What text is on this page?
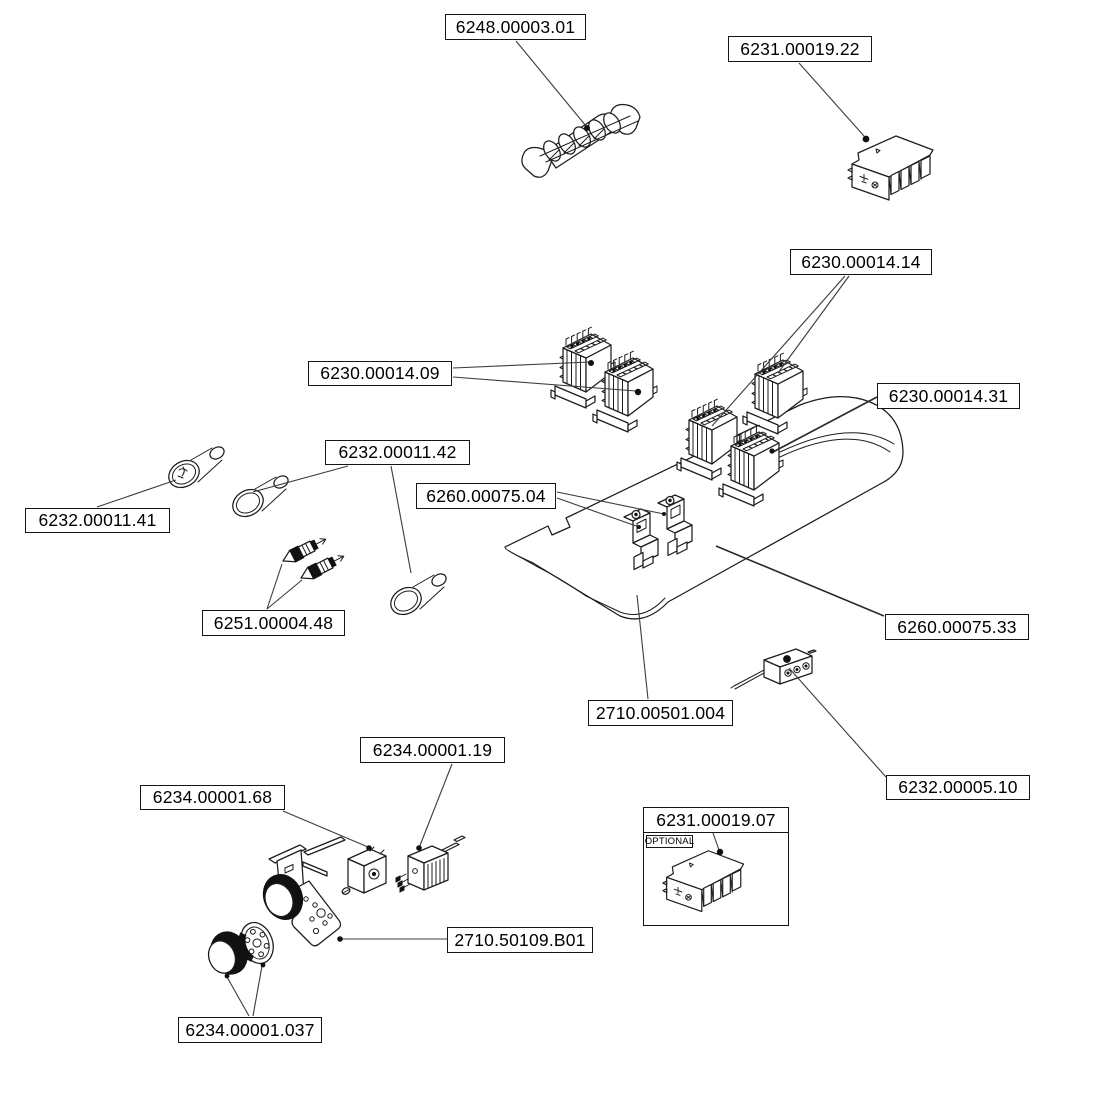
6248.00003.01
6231.00019.22
6230.00014.14
6230.00014.09
6230.00014.31
6232.00011.42
6260.00075.04
6232.00011.41
6251.00004.48	6260.00075.33
2710.00501.004
6234.00001.19
6232.00005.10
6234.00001.68
6231.00019.07
2710.50109.B01
6234.00001.037
OPTIONAL
